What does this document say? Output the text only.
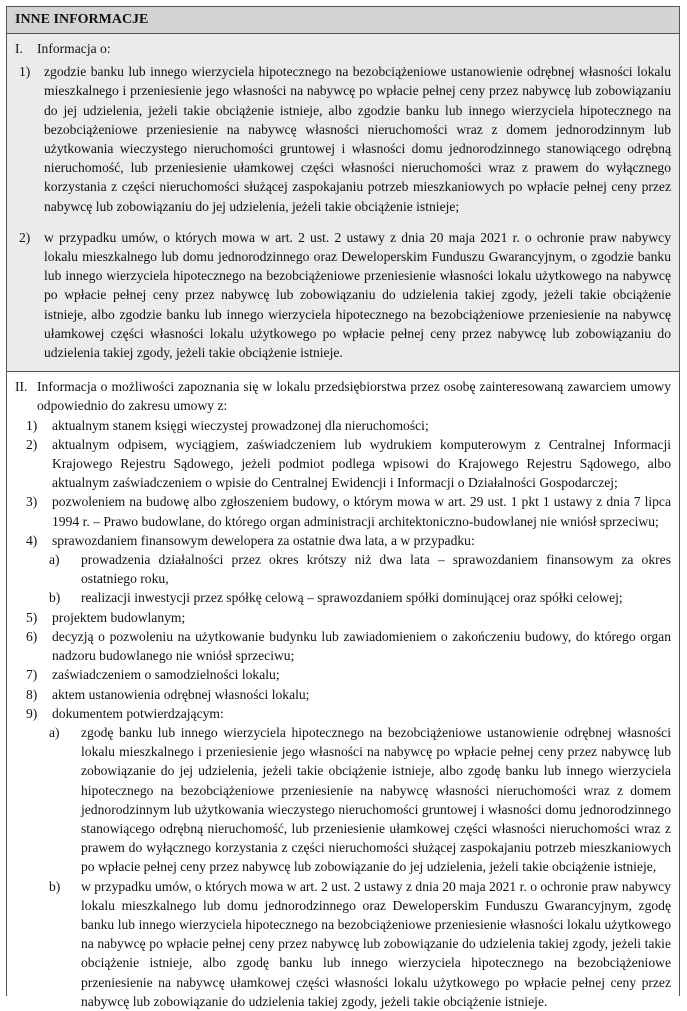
INNE INFORMACJE
I.	Informacja o:
1)	zgodzie banku lub innego wierzyciela hipotecznego na bezobciążeniowe ustanowienie odrębnej własności lokalu mieszkalnego i przeniesienie jego własności na nabywcę po wpłacie pełnej ceny przez nabywcę lub zobowiązaniu do jej udzielenia, jeżeli takie obciążenie istnieje, albo zgodzie banku lub innego wierzyciela hipotecznego na bezobciążeniowe przeniesienie na nabywcę własności nieruchomości wraz z domem jednorodzinnym lub użytkowania wieczystego nieruchomości gruntowej i własności domu jednorodzinnego stanowiącego odrębną nieruchomość, lub przeniesienie ułamkowej części własności nieruchomości wraz z prawem do wyłącznego korzystania z części nieruchomości służącej zaspokajaniu potrzeb mieszkaniowych po wpłacie pełnej ceny przez nabywcę lub zobowiązaniu do jej udzielenia, jeżeli takie obciążenie istnieje;
2)	w przypadku umów, o których mowa w art. 2 ust. 2 ustawy z dnia 20 maja 2021 r. o ochronie praw nabywcy lokalu mieszkalnego lub domu jednorodzinnego oraz Deweloperskim Funduszu Gwarancyjnym, o zgodzie banku lub innego wierzyciela hipotecznego na bezobciążeniowe przeniesienie własności lokalu użytkowego na nabywcę po wpłacie pełnej ceny przez nabywcę lub zobowiązaniu do udzielenia takiej zgody, jeżeli takie obciążenie istnieje, albo zgodzie banku lub innego wierzyciela hipotecznego na bezobciążeniowe przeniesienie na nabywcę ułamkowej części własności lokalu użytkowego po wpłacie pełnej ceny przez nabywcę lub zobowiązaniu do udzielenia takiej zgody, jeżeli takie obciążenie istnieje.
II. Informacja o możliwości zapoznania się w lokalu przedsiębiorstwa przez osobę zainteresowaną zawarciem umowy odpowiednio do zakresu umowy z:
1)	aktualnym stanem księgi wieczystej prowadzonej dla nieruchomości;
2)	aktualnym odpisem, wyciągiem, zaświadczeniem lub wydrukiem komputerowym z Centralnej Informacji Krajowego Rejestru Sądowego, jeżeli podmiot podlega wpisowi do Krajowego Rejestru Sądowego, albo aktualnym zaświadczeniem o wpisie do Centralnej Ewidencji i Informacji o Działalności Gospodarczej;
3)	pozwoleniem na budowę albo zgłoszeniem budowy, o którym mowa w art. 29 ust. 1 pkt 1 ustawy z dnia 7 lipca 1994 r. – Prawo budowlane, do którego organ administracji architektoniczno-budowlanej nie wniósł sprzeciwu;
4)	sprawozdaniem finansowym dewelopera za ostatnie dwa lata, a w przypadku:
a)	prowadzenia działalności przez okres krótszy niż dwa lata – sprawozdaniem finansowym za okres ostatniego roku,
b)	realizacji inwestycji przez spółkę celową – sprawozdaniem spółki dominującej oraz spółki celowej;
5)	projektem budowlanym;
6)	decyzją o pozwoleniu na użytkowanie budynku lub zawiadomieniem o zakończeniu budowy, do którego organ nadzoru budowlanego nie wniósł sprzeciwu;
7)	zaświadczeniem o samodzielności lokalu;
8)	aktem ustanowienia odrębnej własności lokalu;
9)	dokumentem potwierdzającym:
a)	zgodę banku lub innego wierzyciela hipotecznego na bezobciążeniowe ustanowienie odrębnej własności lokalu mieszkalnego i przeniesienie jego własności na nabywcę po wpłacie pełnej ceny przez nabywcę lub zobowiązanie do jej udzielenia, jeżeli takie obciążenie istnieje, albo zgodę banku lub innego wierzyciela hipotecznego na bezobciążeniowe przeniesienie na nabywcę własności nieruchomości wraz z domem jednorodzinnym lub użytkowania wieczystego nieruchomości gruntowej i własności domu jednorodzinnego stanowiącego odrębną nieruchomość, lub przeniesienie ułamkowej części własności nieruchomości wraz z prawem do wyłącznego korzystania z części nieruchomości służącej zaspokajaniu potrzeb mieszkaniowych po wpłacie pełnej ceny przez nabywcę lub zobowiązanie do jej udzielenia, jeżeli takie obciążenie istnieje,
b)	w przypadku umów, o których mowa w art. 2 ust. 2 ustawy z dnia 20 maja 2021 r. o ochronie praw nabywcy lokalu mieszkalnego lub domu jednorodzinnego oraz Deweloperskim Funduszu Gwarancyjnym, zgodę banku lub innego wierzyciela hipotecznego na bezobciążeniowe przeniesienie własności lokalu użytkowego na nabywcę po wpłacie pełnej ceny przez nabywcę lub zobowiązanie do udzielenia takiej zgody, jeżeli takie obciążenie istnieje, albo zgodę banku lub innego wierzyciela hipotecznego na bezobciążeniowe przeniesienie na nabywcę ułamkowej części własności lokalu użytkowego po wpłacie pełnej ceny przez nabywcę lub zobowiązanie do udzielenia takiej zgody, jeżeli takie obciążenie istnieje.
